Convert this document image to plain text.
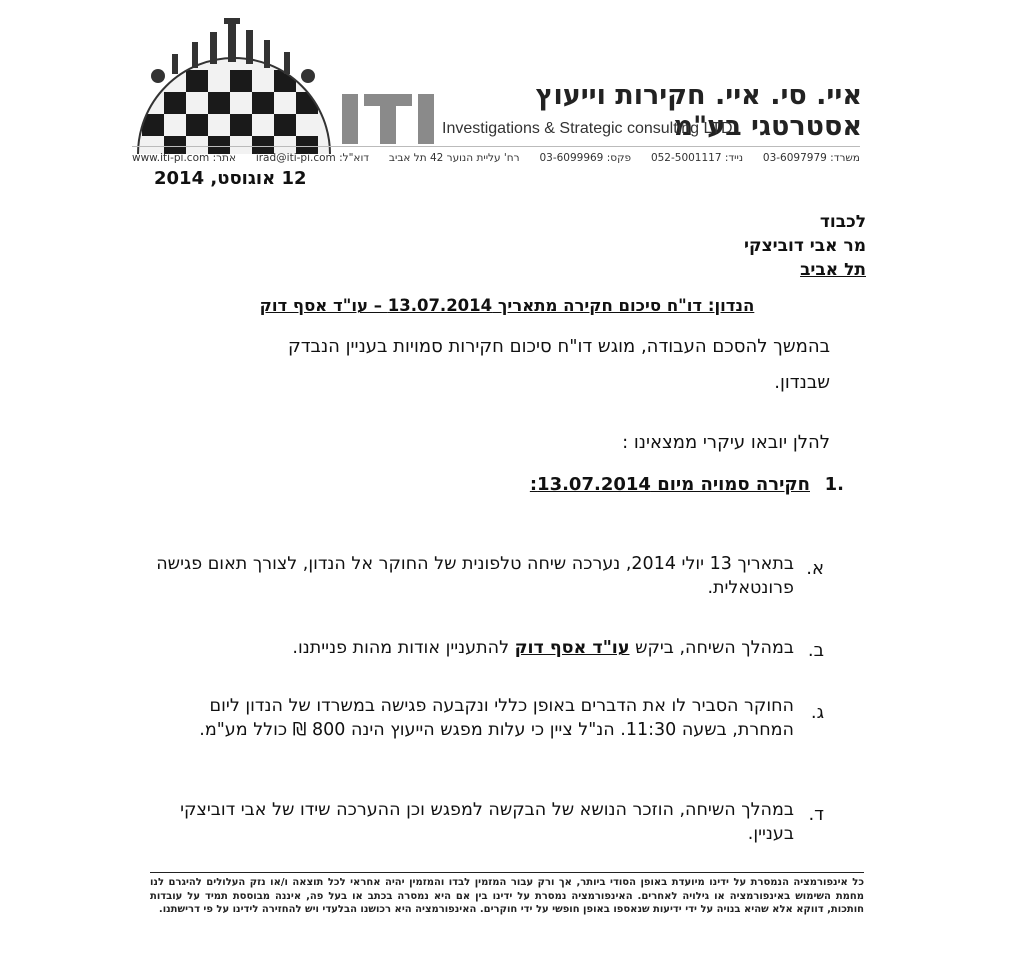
איי. סי. איי. חקירות וייעוץ אסטרטגי בע"מ
Investigations & Strategic consulting LTD
www.iti-pi.com אתר: irad@iti-pi.com דוא"ל: רח' עליית הנוער 42 תל אביב 03-6099969 פקס: 052-5001117 נייד: 03-6097979 משרד:
12 אוגוסט, 2014
לכבוד
מר אבי דוביצקי
תל אביב
הנדון: דו"ח סיכום חקירה מתאריך 13.07.2014 – עו"ד אסף דוק
בהמשך להסכם העבודה, מוגש דו"ח סיכום חקירות סמויות בעניין הנבדק
שבנדון.
להלן יובאו עיקרי ממצאינו :
1.
חקירה סמויה מיום 13.07.2014:
א.
בתאריך 13 יולי 2014, נערכה שיחה טלפונית של החוקר אל הנדון, לצורך תאום פגישה פרונטאלית.
ב.
במהלך השיחה, ביקש עו"ד אסף דוק להתעניין אודות מהות פנייתנו.
ג.
החוקר הסביר לו את הדברים באופן כללי ונקבעה פגישה במשרדו של הנדון ליום המחרת, בשעה 11:30. הנ"ל ציין כי עלות מפגש הייעוץ הינה 800 ₪ כולל מע"מ.
ד.
במהלך השיחה, הוזכר הנושא של הבקשה למפגש וכן ההערכה שידו של אבי דוביצקי בעניין.
כל אינפורמציה הנמסרת על ידינו מיועדת באופן הסודי ביותר, אך ורק עבור המזמין לבדו והמזמין יהיה אחראי לכל תוצאה ו/או נזק העלולים להיגרם לנו מחמת השימוש באינפורמציה או גילויה לאחרים. האינפורמציה נמסרת על ידינו בין אם היא נמסרה בכתב או בעל פה, איננה מבוססת תמיד על עובדות חותכות, דווקא אלא שהיא בנויה על ידי ידיעות שנאספו באופן חופשי על ידי חוקרים. האינפורמציה היא רכושנו הבלעדי ויש להחזירה לידינו על פי דרישתנו.
